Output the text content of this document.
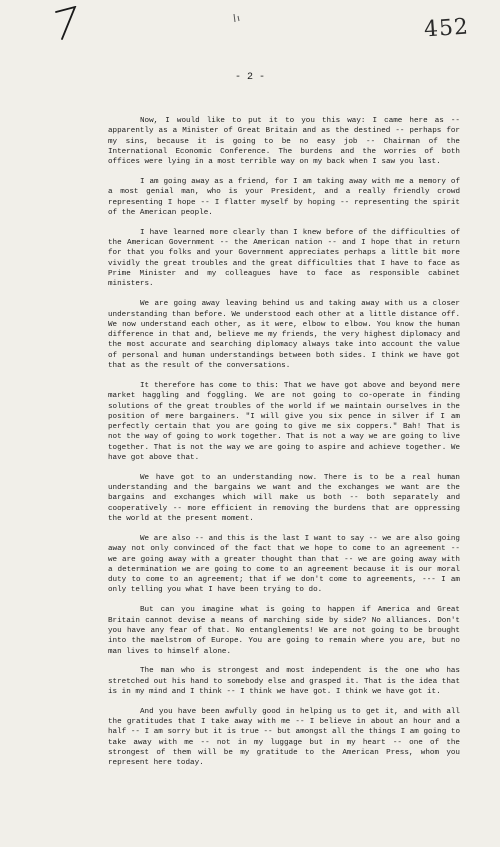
452
- 2 -

Now, I would like to put it to you this way: I came here as -- apparently as a Minister of Great Britain and as the destined -- perhaps for my sins, because it is going to be no easy job -- Chairman of the International Economic Conference. The burdens and the worries of both offices were lying in a most terrible way on my back when I saw you last.

I am going away as a friend, for I am taking away with me a memory of a most genial man, who is your President, and a really friendly crowd representing I hope -- I flatter myself by hoping -- representing the spirit of the American people.

I have learned more clearly than I knew before of the difficulties of the American Government -- the American nation -- and I hope that in return for that you folks and your Government appreciates perhaps a little bit more vividly the great troubles and the great difficulties that I have to face as Prime Minister and my colleagues have to face as responsible cabinet ministers.

We are going away leaving behind us and taking away with us a closer understanding than before. We understood each other at a little distance off. We now understand each other, as it were, elbow to elbow. You know the human difference in that and, believe me my friends, the very highest diplomacy and the most accurate and searching diplomacy always take into account the value of personal and human understandings between both sides. I think we have got that as the result of the conversations.

It therefore has come to this: That we have got above and beyond mere market haggling and foggling. We are not going to co-operate in finding solutions of the great troubles of the world if we maintain ourselves in the position of mere bargainers. "I will give you six pence in silver if I am perfectly certain that you are going to give me six coppers." Bah! That is not the way of going to work together. That is not a way we are going to live together. That is not the way we are going to aspire and achieve together. We have got above that.

We have got to an understanding now. There is to be a real human understanding and the bargains we want and the exchanges we want are the bargains and exchanges which will make us both -- both separately and cooperatively -- more efficient in removing the burdens that are oppressing the world at the present moment.

We are also -- and this is the last I want to say -- we are also going away not only convinced of the fact that we hope to come to an agreement -- we are going away with a greater thought than that -- we are going away with a determination we are going to come to an agreement because it is our moral duty to come to an agreement; that if we don't come to agreements, --- I am only telling you what I have been trying to do.

But can you imagine what is going to happen if America and Great Britain cannot devise a means of marching side by side? No alliances. Don't you have any fear of that. No entanglements! We are not going to be brought into the maelstrom of Europe. You are going to remain where you are, but no man lives to himself alone.

The man who is strongest and most independent is the one who has stretched out his hand to somebody else and grasped it. That is the idea that is in my mind and I think -- I think we have got. I think we have got it.

And you have been awfully good in helping us to get it, and with all the gratitudes that I take away with me -- I believe in about an hour and a half -- I am sorry but it is true -- but amongst all the things I am going to take away with me -- not in my luggage but in my heart -- one of the strongest of them will be my gratitude to the American Press, whom you represent here today.
